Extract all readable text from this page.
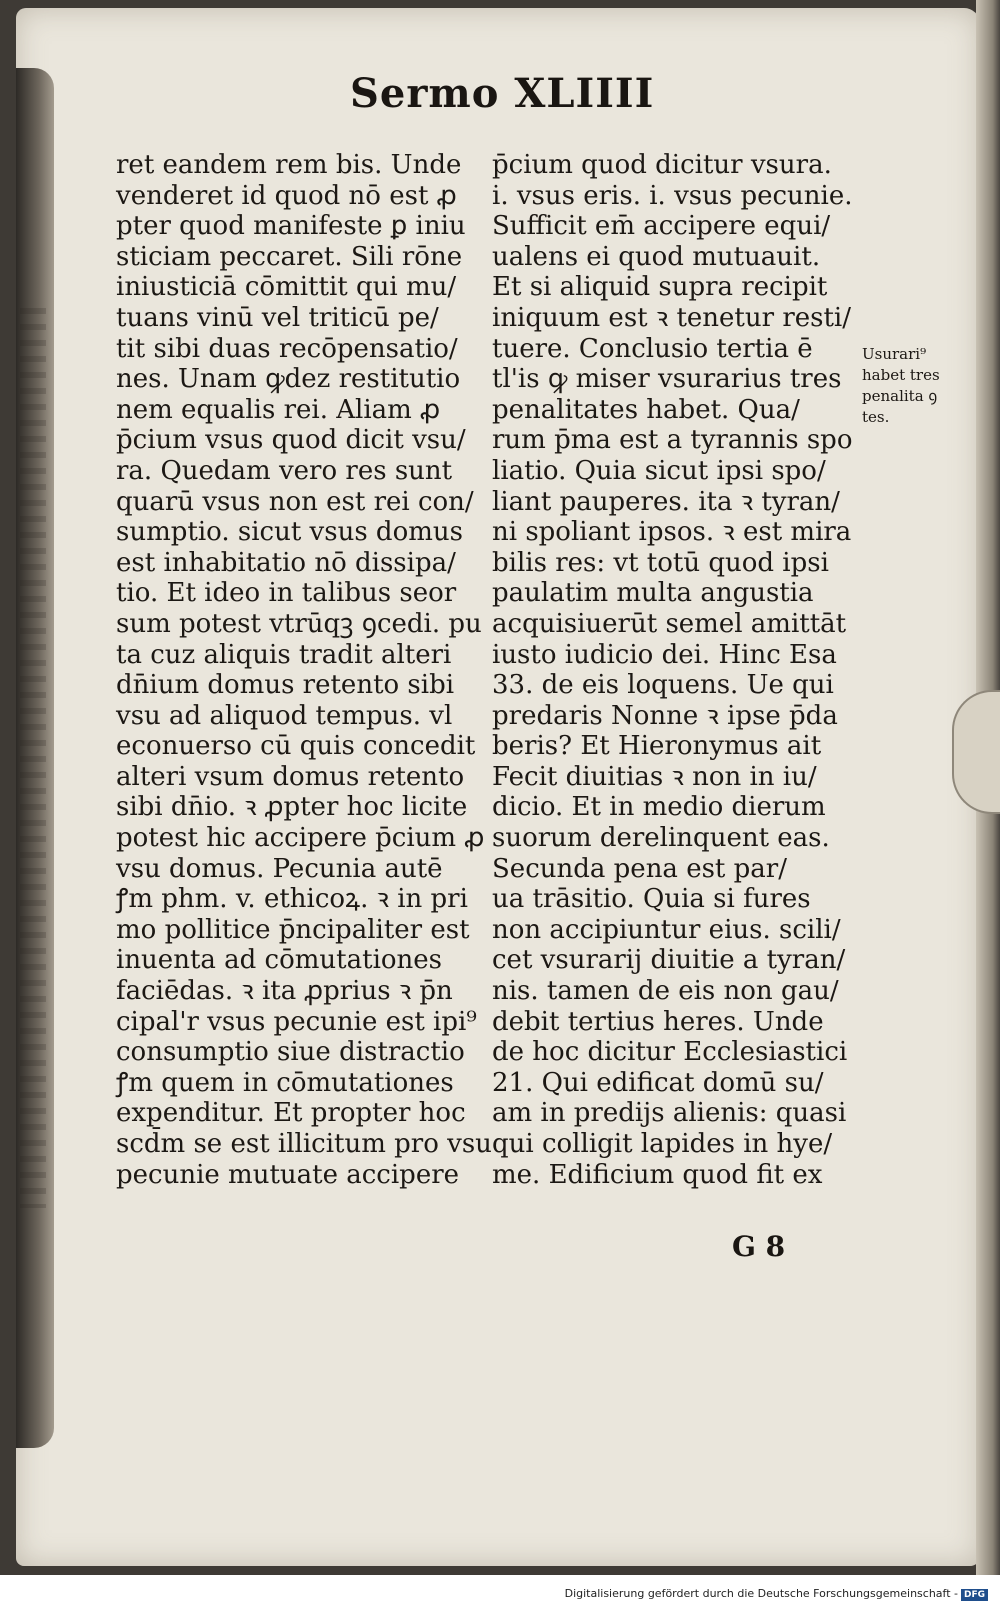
Sermo XLIIII
ret eandem rem bis. Unde
venderet id quod nō est ꝓ
pter quod manifeste ꝑ iniu
sticiam peccaret. Sili rōne
iniusticiā cōmittit qui mu/
tuans vinū vel triticū pe/
tit sibi duas recōpensatio/
nes. Unam ꝙdez restitutio
nem equalis rei. Aliam ꝓ
p̄cium vsus quod dicit vsu/
ra. Quedam vero res sunt
quarū vsus non est rei con/
sumptio. sicut vsus domus
est inhabitatio nō dissipa/
tio. Et ideo in talibus seor
sum potest vtrūqꝫ ꝯcedi. pu
ta cuz aliquis tradit alteri
dn̄ium domus retento sibi
vsu ad aliquod tempus. vl
econuerso cū quis concedit
alteri vsum domus retento
sibi dn̄io. ꝛ ꝓpter hoc licite
potest hic accipere p̄cium ꝓ
vsu domus. Pecunia autē
ꝭm phm. v. ethicoꝝ. ꝛ in pri
mo pollitice p̄ncipaliter est
inuenta ad cōmutationes
faciēdas. ꝛ ita ꝓprius ꝛ p̄n
cipal'r vsus pecunie est ipi⁹
consumptio siue distractio
ꝭm quem in cōmutationes
expenditur. Et propter hoc
scd̄m se est illicitum pro vsu
pecunie mutuate accipere
p̄cium quod dicitur vsura.
i. vsus eris. i. vsus pecunie.
Sufficit em̄ accipere equi/
ualens ei quod mutuauit.
Et si aliquid supra recipit
iniquum est ꝛ tenetur resti/
tuere. Conclusio tertia ē
tl'is ꝙ miser vsurarius tres
penalitates habet. Qua/
rum p̄ma est a tyrannis spo
liatio. Quia sicut ipsi spo/
liant pauperes. ita ꝛ tyran/
ni spoliant ipsos. ꝛ est mira
bilis res: vt totū quod ipsi
paulatim multa angustia
acquisiuerūt semel amittāt
iusto iudicio dei. Hinc Esa
33. de eis loquens. Ue qui
predaris Nonne ꝛ ipse p̄da
beris? Et Hieronymus ait
Fecit diuitias ꝛ non in iu/
dicio. Et in medio dierum
suorum derelinquent eas.
Secunda pena est par/
ua trāsitio. Quia si fures
non accipiuntur eius. scili/
cet vsurarij diuitie a tyran/
nis. tamen de eis non gau/
debit tertius heres. Unde
de hoc dicitur Ecclesiastici
21. Qui edificat domū su/
am in predijs alienis: quasi
qui colligit lapides in hye/
me. Edificium quod fit ex
Usurari⁹
habet tres
penalita ꝯ
tes.
G 8
Digitalisierung gefördert durch die Deutsche Forschungsgemeinschaft - DFG
